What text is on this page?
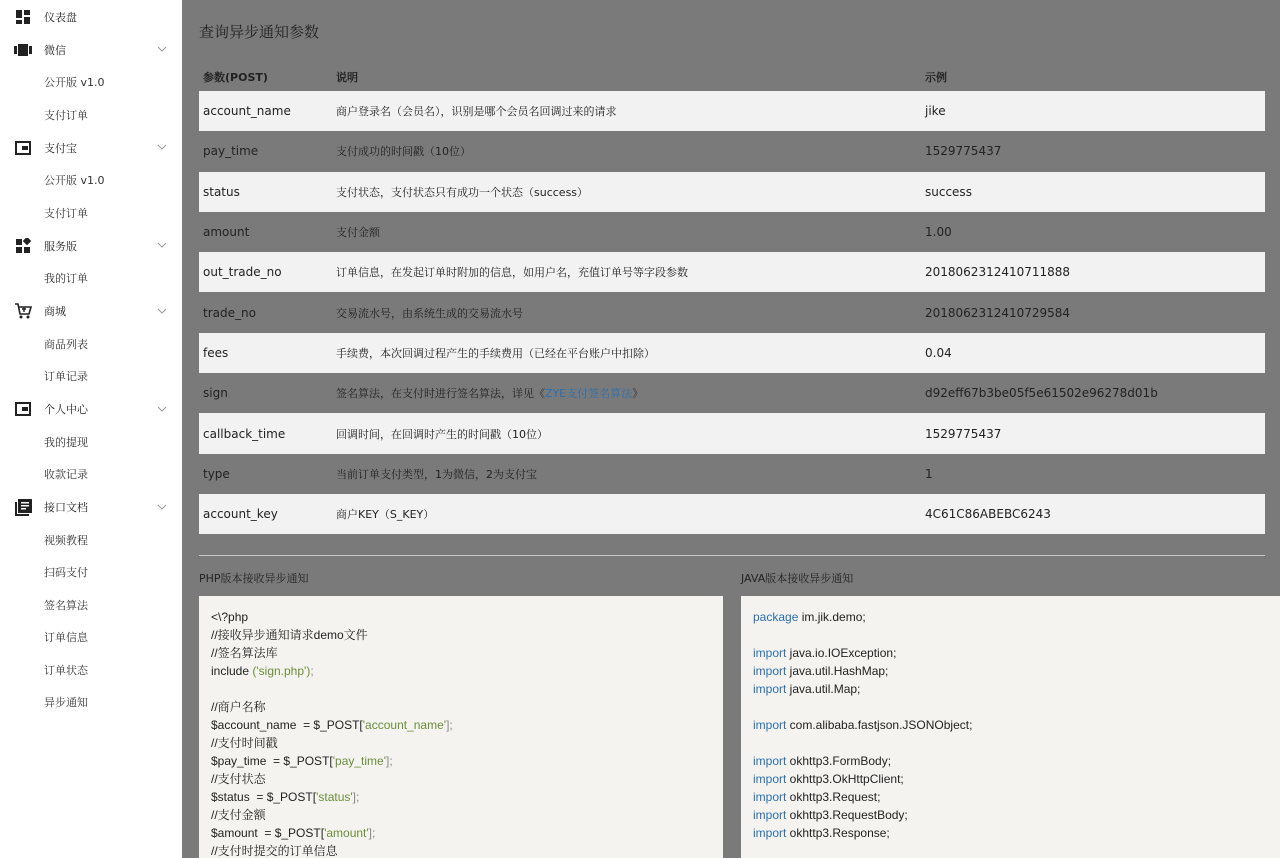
仪表盘
微信
公开版 v1.0
支付订单
支付宝
公开版 v1.0
支付订单
服务版
我的订单
商城
商品列表
订单记录
个人中心
我的提现
收款记录
接口文档
视频教程
扫码支付
签名算法
订单信息
订单状态
异步通知
查询异步通知参数
参数(POST)	说明	示例
account_name	商户登录名（会员名），识别是哪个会员名回调过来的请求	jike
pay_time	支付成功的时间戳（10位）	1529775437
status	支付状态，支付状态只有成功一个状态（success）	success
amount	支付金额	1.00
out_trade_no	订单信息，在发起订单时附加的信息，如用户名，充值订单号等字段参数	2018062312410711888
trade_no	交易流水号，由系统生成的交易流水号	2018062312410729584
fees	手续费，本次回调过程产生的手续费用（已经在平台账户中扣除）	0.04
sign	签名算法，在支付时进行签名算法，详见《ZYE支付签名算法》	d92eff67b3be05f5e61502e96278d01b
callback_time	回调时间，在回调时产生的时间戳（10位）	1529775437
type	当前订单支付类型，1为微信，2为支付宝	1
account_key	商户KEY（S_KEY）	4C61C86ABEBC6243
PHP版本接收异步通知	JAVA版本接收异步通知
<\?php
//接收异步通知请求demo文件
//签名算法库
include ('sign.php');
//商户名称
$account_name  = $_POST['account_name'];
//支付时间戳
$pay_time  = $_POST['pay_time'];
//支付状态
$status  = $_POST['status'];
//支付金额
$amount  = $_POST['amount'];
//支付时提交的订单信息
package im.jik.demo;
import java.io.IOException;
import java.util.HashMap;
import java.util.Map;
import com.alibaba.fastjson.JSONObject;
import okhttp3.FormBody;
import okhttp3.OkHttpClient;
import okhttp3.Request;
import okhttp3.RequestBody;
import okhttp3.Response;
